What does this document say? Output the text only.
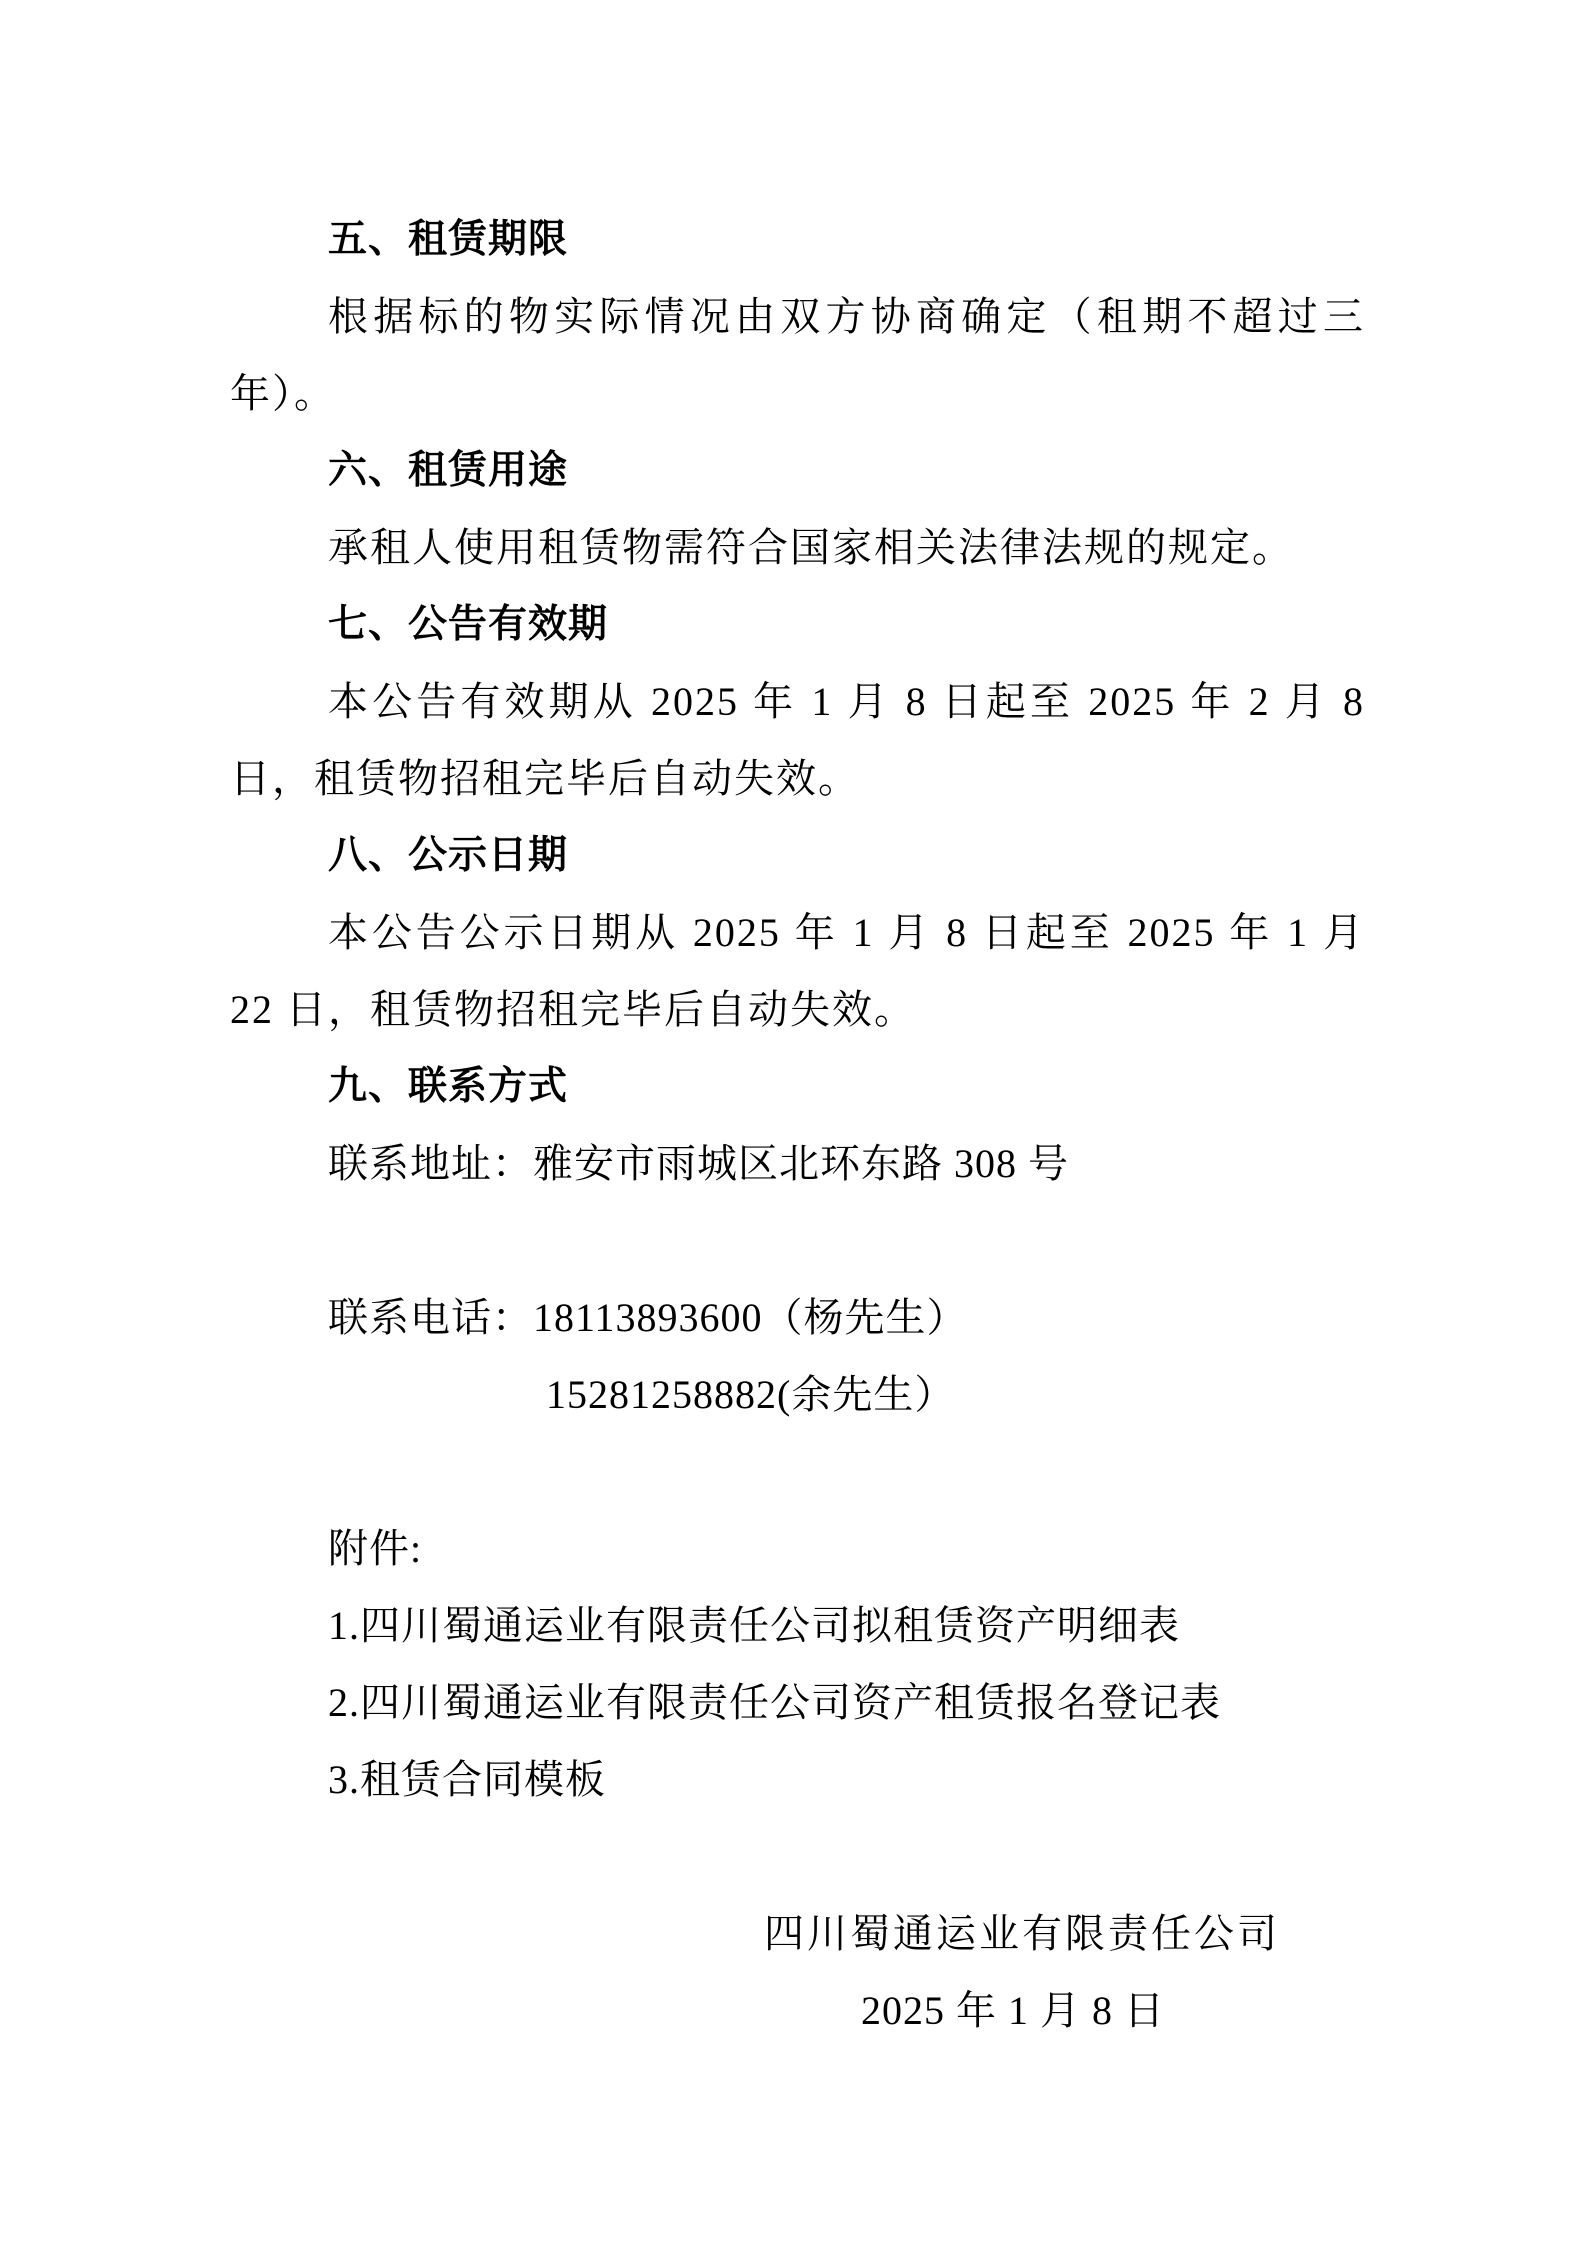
五、租赁期限
根据标的物实际情况由双方协商确定（租期不超过三年）。
六、租赁用途
承租人使用租赁物需符合国家相关法律法规的规定。
七、公告有效期
本公告有效期从 2025 年 1 月 8 日起至 2025 年 2 月 8 日，租赁物招租完毕后自动失效。
八、公示日期
本公告公示日期从 2025 年 1 月 8 日起至 2025 年 1 月 22 日，租赁物招租完毕后自动失效。
九、联系方式
联系地址：雅安市雨城区北环东路 308 号
联系电话：18113893600（杨先生）
15281258882(余先生）
附件:
1.四川蜀通运业有限责任公司拟租赁资产明细表
2.四川蜀通运业有限责任公司资产租赁报名登记表
3.租赁合同模板
四川蜀通运业有限责任公司
2025 年 1 月 8 日
